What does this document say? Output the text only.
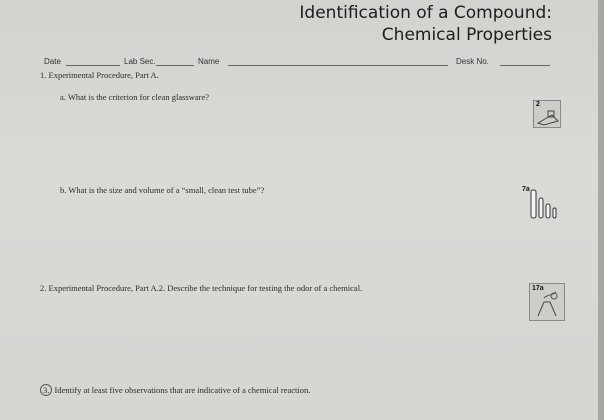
Identification of a Compound:
Chemical Properties
Date	Lab Sec.	Name	Desk No.
1. Experimental Procedure, Part A.
a. What is the criterion for clean glassware?
b. What is the size and volume of a “small, clean test tube”?
2. Experimental Procedure, Part A.2. Describe the technique for testing the odor of a chemical.
3. Identify at least five observations that are indicative of a chemical reaction.
2
7a
17a
